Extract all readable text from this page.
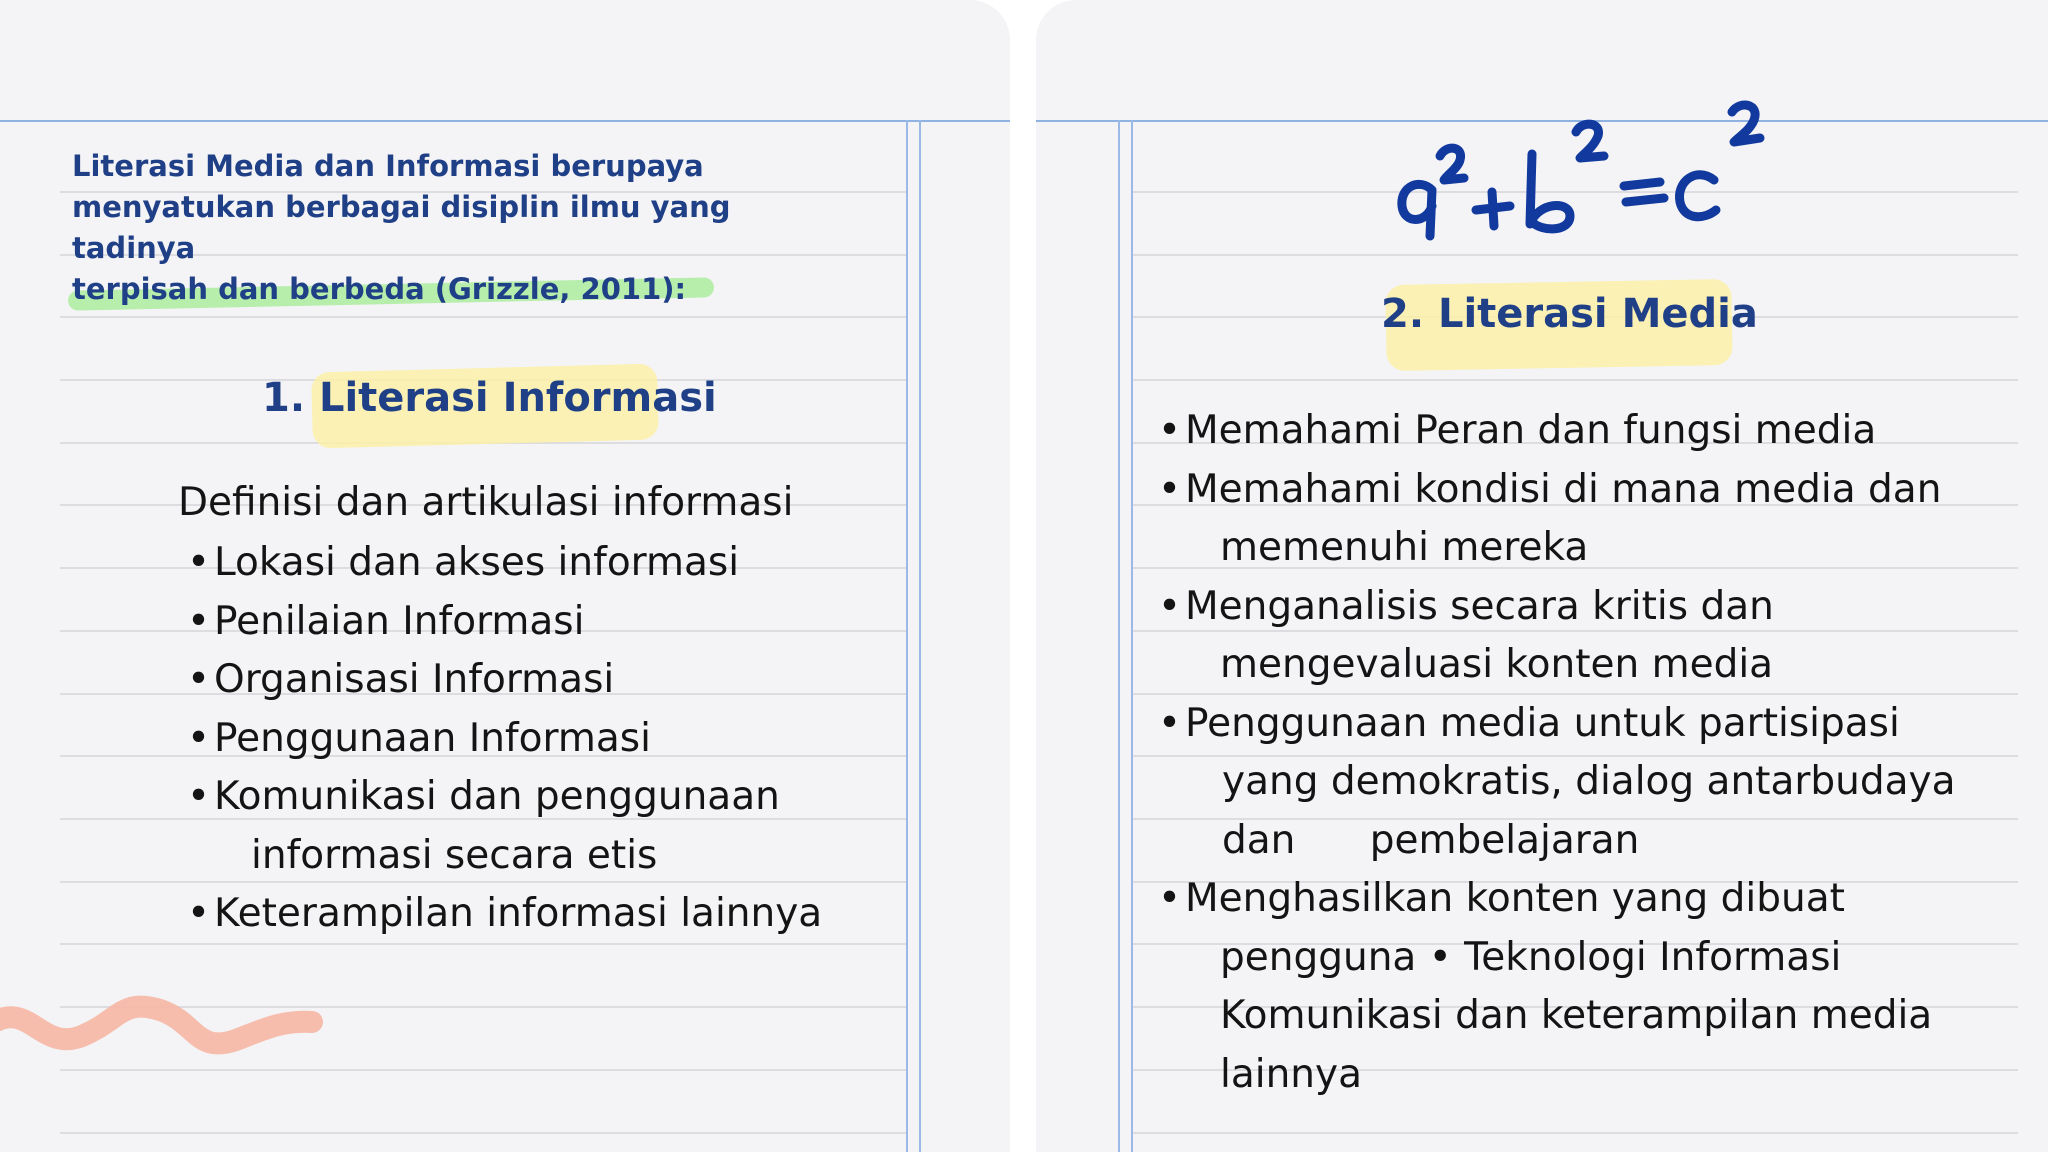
Literasi Media dan Informasi berupaya
menyatukan berbagai disiplin ilmu yang tadinya
terpisah dan berbeda (Grizzle, 2011):
1. Literasi Informasi

Definisi dan artikulasi informasi

• Lokasi dan akses informasi
• Penilaian Informasi
• Organisasi Informasi
• Penggunaan Informasi
• Komunikasi dan penggunaan
informasi secara etis
• Keterampilan informasi lainnya
2. Literasi Media
• Memahami Peran dan fungsi media
• Memahami kondisi di mana media dan
memenuhi mereka
• Menganalisis secara kritis dan
mengevaluasi konten media
• Penggunaan media untuk partisipasi
yang demokratis, dialog antarbudaya
dan      pembelajaran
• Menghasilkan konten yang dibuat
pengguna • Teknologi Informasi
Komunikasi dan keterampilan media
lainnya
